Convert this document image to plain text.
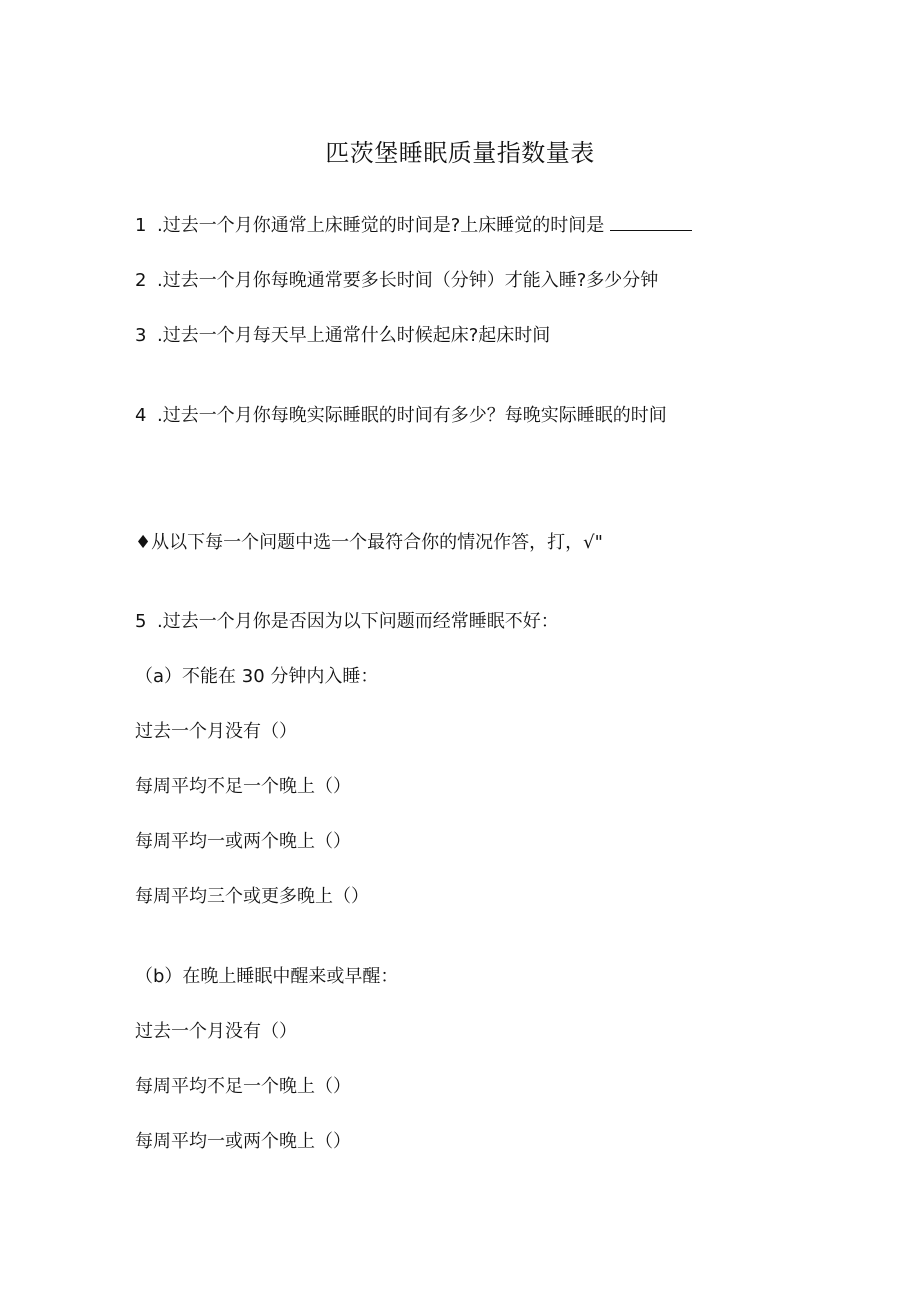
匹茨堡睡眠质量指数量表
1 .过去一个月你通常上床睡觉的时间是?上床睡觉的时间是
2 .过去一个月你每晚通常要多长时间（分钟）才能入睡?多少分钟
3 .过去一个月每天早上通常什么时候起床?起床时间
4 .过去一个月你每晚实际睡眠的时间有多少？每晚实际睡眠的时间
♦从以下每一个问题中选一个最符合你的情况作答，打，√"
5 .过去一个月你是否因为以下问题而经常睡眠不好：
（a）不能在 30 分钟内入睡：
过去一个月没有（）
每周平均不足一个晚上（）
每周平均一或两个晚上（）
每周平均三个或更多晚上（）
（b）在晚上睡眠中醒来或早醒：
过去一个月没有（）
每周平均不足一个晚上（）
每周平均一或两个晚上（）
